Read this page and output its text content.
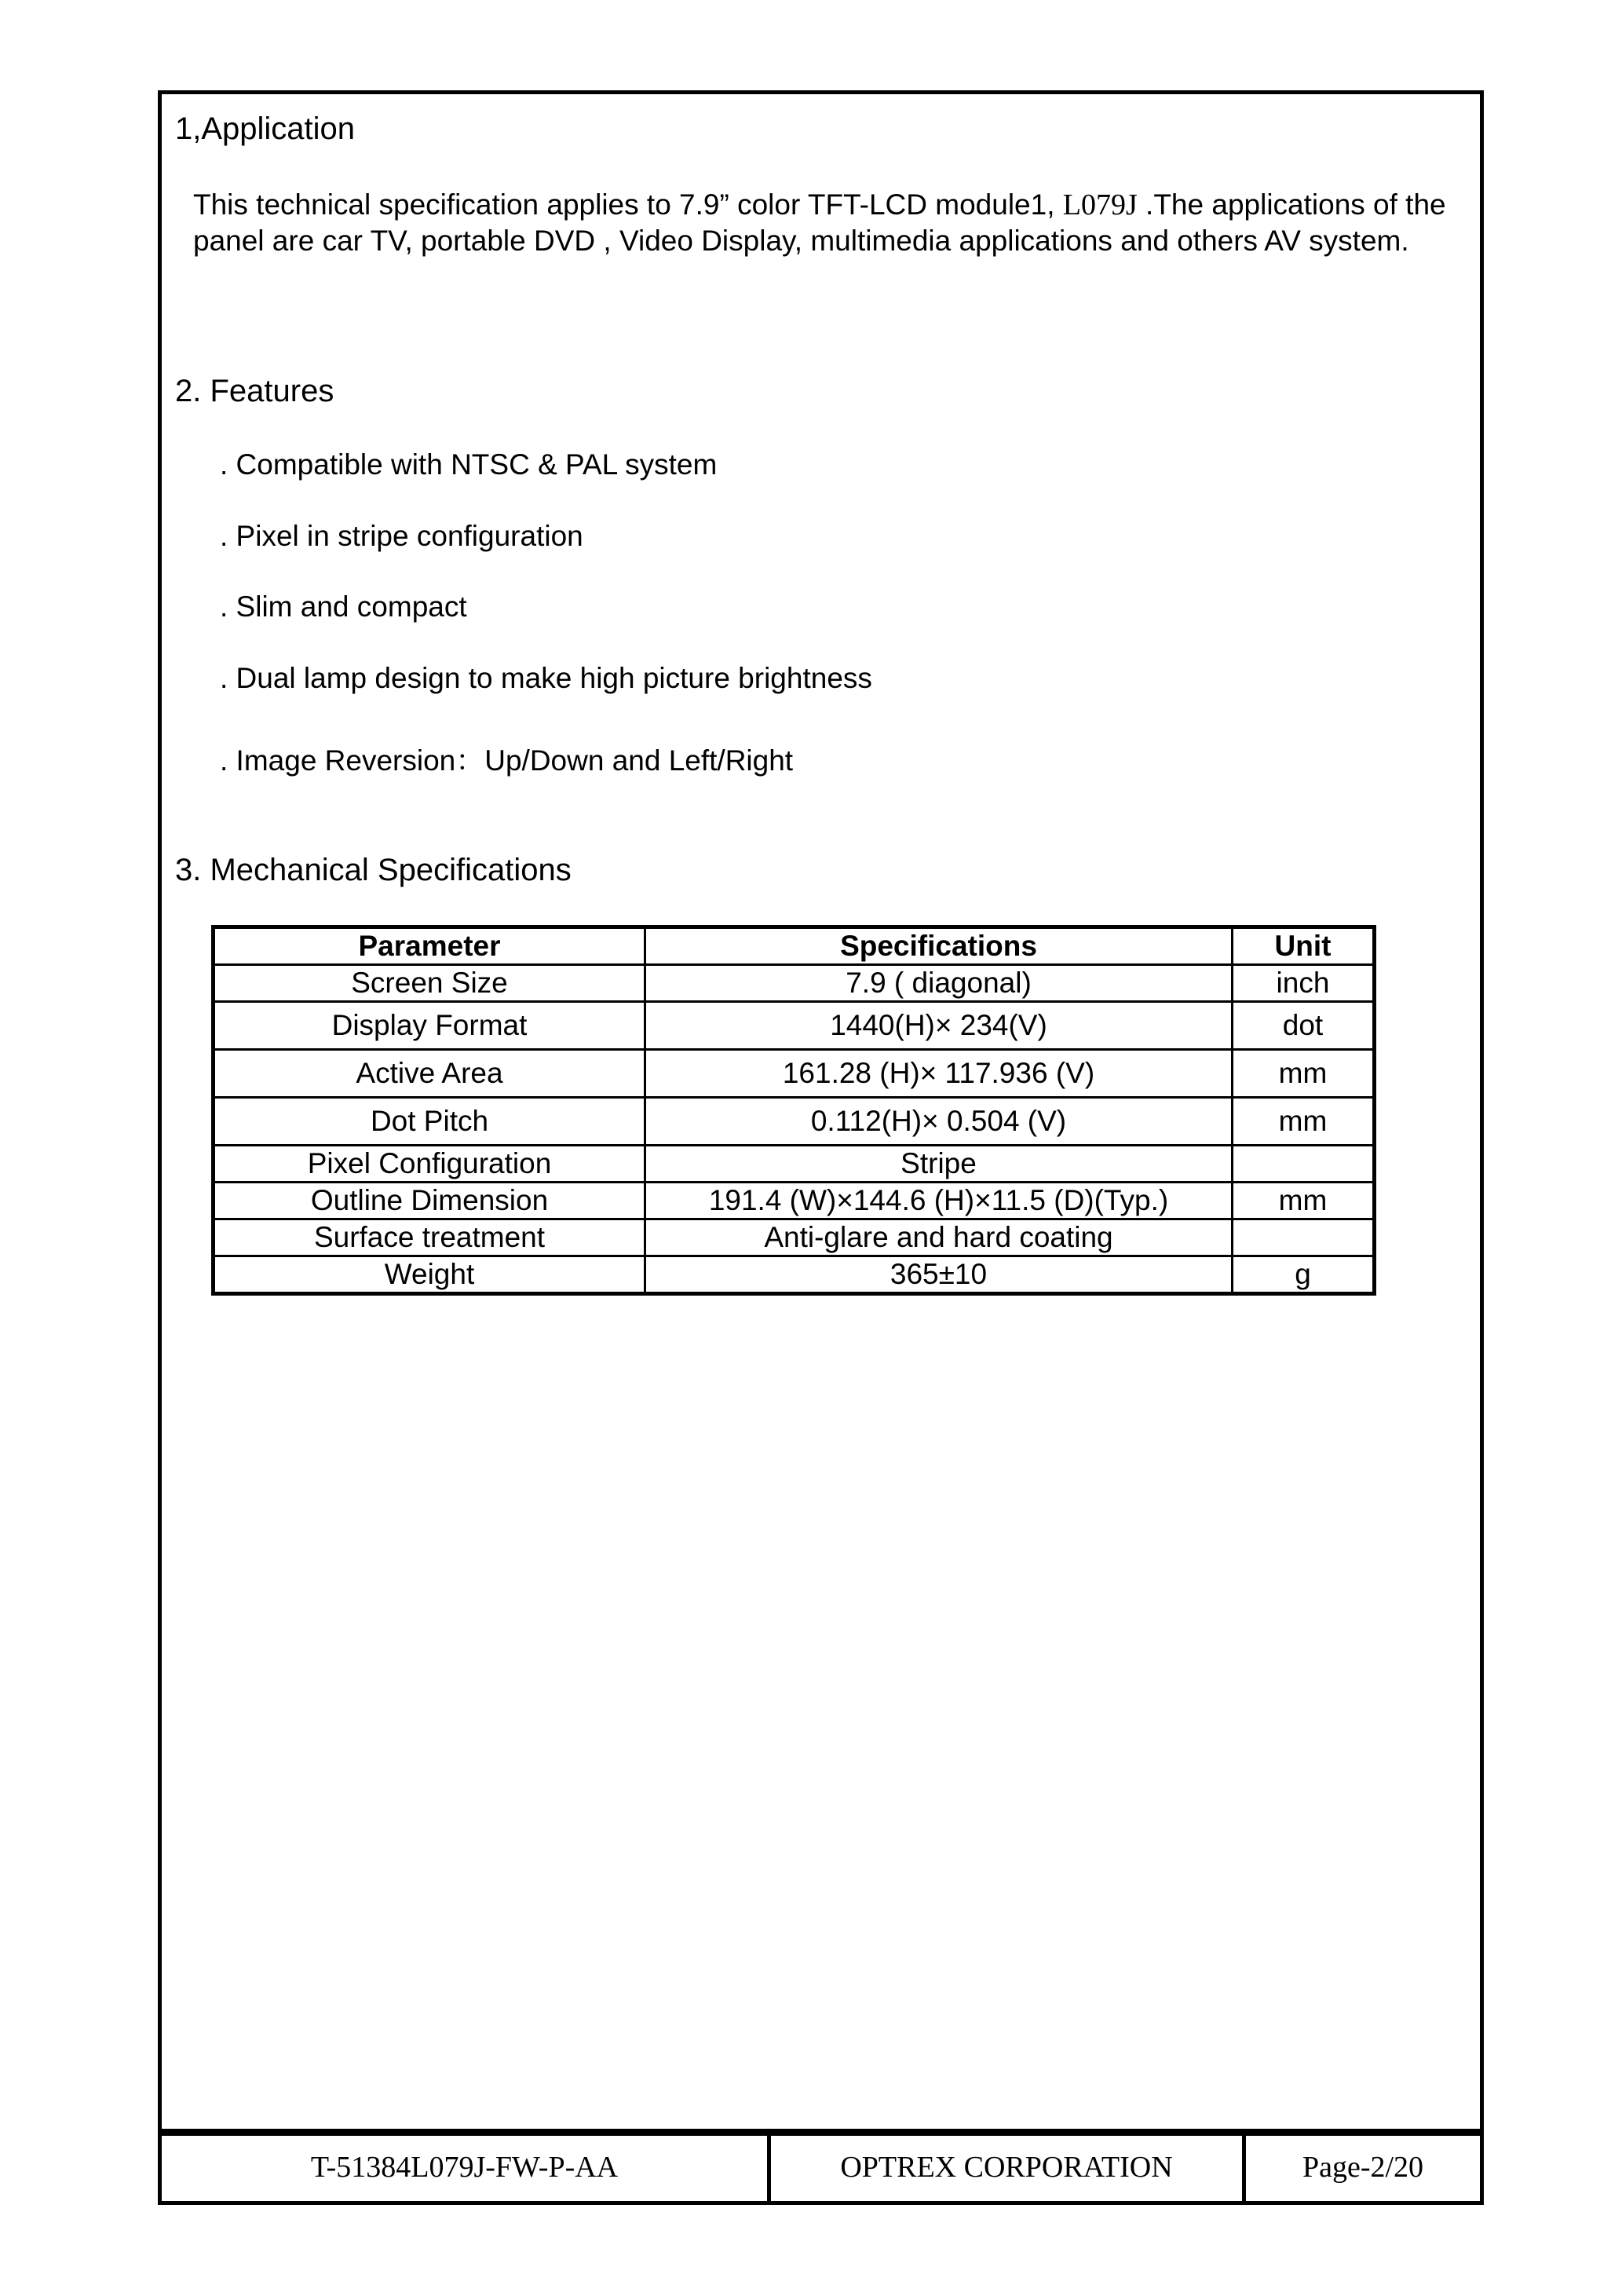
1,Application
This technical specification applies to 7.9” color TFT-LCD module1, L079J .The applications of the panel are car TV, portable DVD , Video Display, multimedia applications and others AV system.
2. Features
. Compatible with NTSC & PAL system
. Pixel in stripe configuration
. Slim and compact
. Dual lamp design to make high picture brightness
. Image Reversion：Up/Down and Left/Right
3. Mechanical Specifications
Parameter	Specifications	Unit
Screen Size	7.9 ( diagonal)	inch
Display Format	1440(H)× 234(V)	dot
Active Area	161.28 (H)× 117.936 (V)	mm
Dot Pitch	0.112(H)× 0.504 (V)	mm
Pixel Configuration	Stripe	
Outline Dimension	191.4 (W)×144.6 (H)×11.5 (D)(Typ.)	mm
Surface treatment	Anti-glare and hard coating	
Weight	365±10	g
T-51384L079J-FW-P-AA	OPTREX CORPORATION	Page-2/20
